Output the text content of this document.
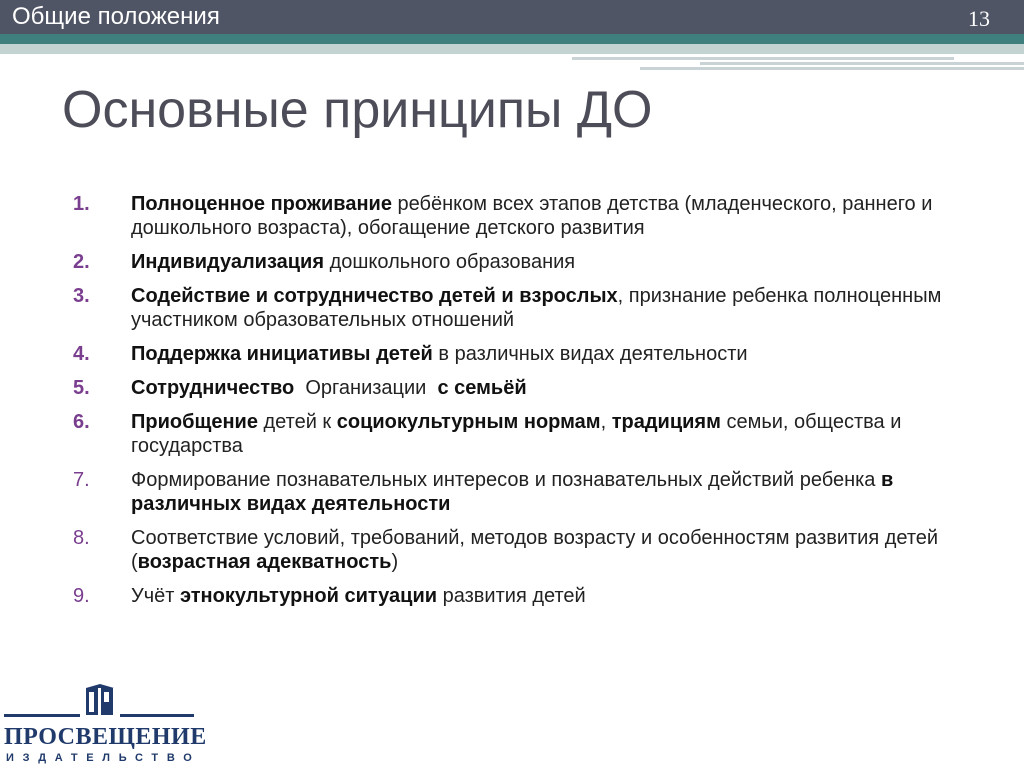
Общие положения	13
Основные принципы ДО
1.	Полноценное проживание ребёнком всех этапов детства (младенческого, раннего и дошкольного возраста), обогащение детского развития
2.	Индивидуализация дошкольного образования
3.	Содействие и сотрудничество детей и взрослых, признание ребенка полноценным участником образовательных отношений
4.	Поддержка инициативы детей в различных видах деятельности
5.	Сотрудничество  Организации  с семьёй
6.	Приобщение детей к социокультурным нормам, традициям семьи, общества и государства
7.	Формирование познавательных интересов и познавательных действий ребенка в различных видах деятельности
8.	Соответствие условий, требований, методов возрасту и особенностям развития детей (возрастная адекватность)
9.	Учёт этнокультурной ситуации развития детей
ПРОСВЕЩЕНИЕ
ИЗДАТЕЛЬСТВО
